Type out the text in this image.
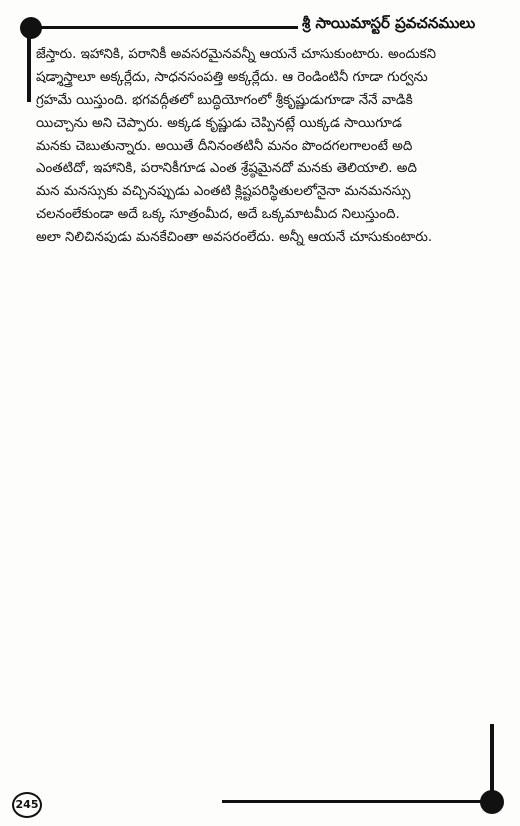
శ్రీ సాయిమాస్టర్ ప్రవచనములు
జేస్తారు. ఇహానికి, పరానికీ అవసరమైనవన్నీ ఆయనే చూసుకుంటారు. అందుకని
షడ్శాస్త్రాలూ అక్కర్లేదు, సాధనసంపత్తి అక్కర్లేదు. ఆ రెండింటినీ గూడా గుర్వను
గ్రహమే యిస్తుంది. భగవద్గీతలో బుద్ధియోగంలో శ్రీకృష్ణుడుగూడా నేనే వాడికి
యిచ్చాను అని చెప్పారు. అక్కడ కృష్ణుడు చెప్పినట్లే యిక్కడ సాయిగూడ
మనకు చెబుతున్నారు. అయితే దీనినంతటినీ మనం పొందగలగాలంటే అది
ఎంతటిదో, ఇహానికి, పరానికీగూడ ఎంత శ్రేష్ఠమైనదో మనకు తెలియాలి. అది
మన మనస్సుకు వచ్చినప్పుడు ఎంతటి క్లిష్టపరిస్థితులలోనైనా మనమనస్సు
చలనంలేకుండా అదే ఒక్క సూత్రంమీద, అదే ఒక్కమాటమీద నిలుస్తుంది.
అలా నిలిచినపుడు మనకేచింతా అవసరంలేదు. అన్నీ ఆయనే చూసుకుంటారు.
245
